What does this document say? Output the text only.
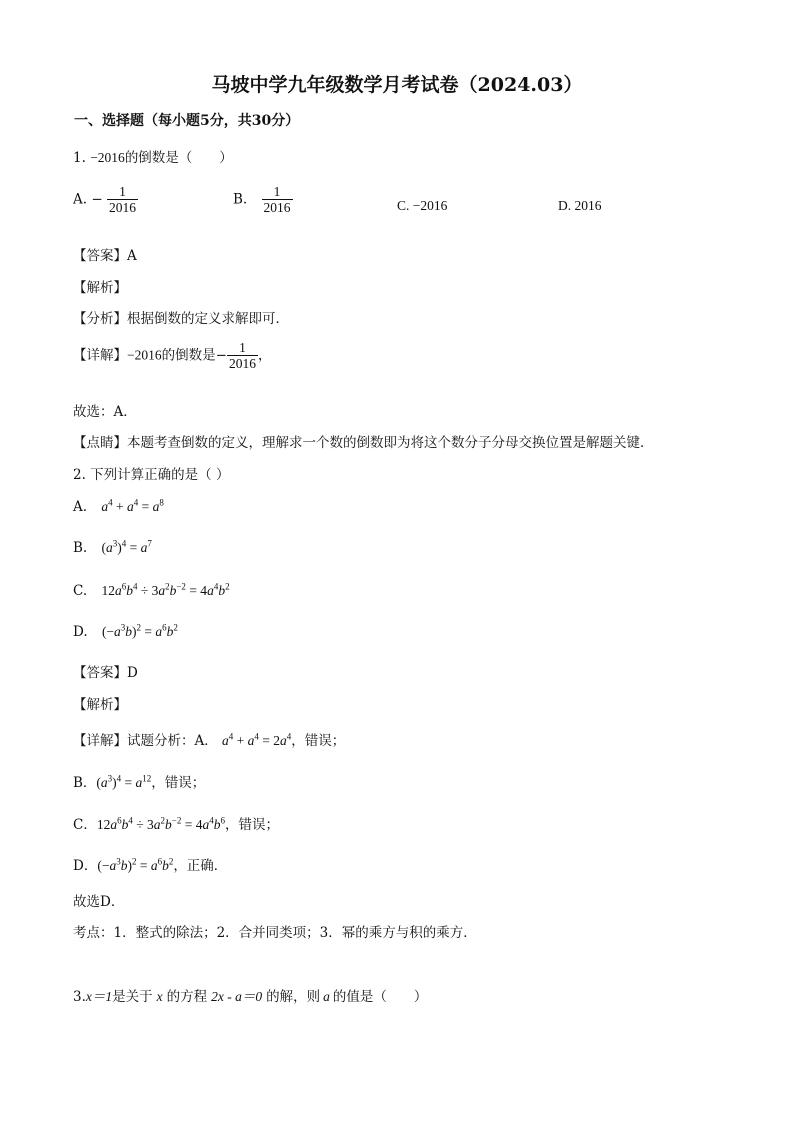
马坡中学九年级数学月考试卷（2024.03）
一、选择题（每小题5分，共30分）
1. −2016的倒数是（　　）
A. − $\frac{1}{2016}$	B. $\frac{1}{2016}$	C. −2016	D. 2016
【答案】A
【解析】
【分析】根据倒数的定义求解即可．
【详解】−2016的倒数是− $\frac{1}{2016}$ ，
故选：A．
【点睛】本题考查倒数的定义，理解求一个数的倒数即为将这个数分子分母交换位置是解题关键．
2. 下列计算正确的是（ ）
A. $a^4 + a^4 = a^8$
B. $(a^3)^4 = a^7$
C. $12a^6b^4 \div 3a^2b^{-2} = 4a^4b^2$
D. $(-a^3b)^2 = a^6b^2$
【答案】D
【解析】
【详解】试题分析：A． $a^4 + a^4 = 2a^4$，错误；
B．$(a^3)^4 = a^{12}$，错误；
C．$12a^6b^4 \div 3a^2b^{-2} = 4a^4b^6$，错误；
D．$(-a^3b)^2 = a^6b^2$，正确．
故选D．
考点：1．整式的除法；2．合并同类项；3．幂的乘方与积的乘方．
3.x＝1是关于 x 的方程 2x - a＝0 的解，则 a 的值是（　　）
